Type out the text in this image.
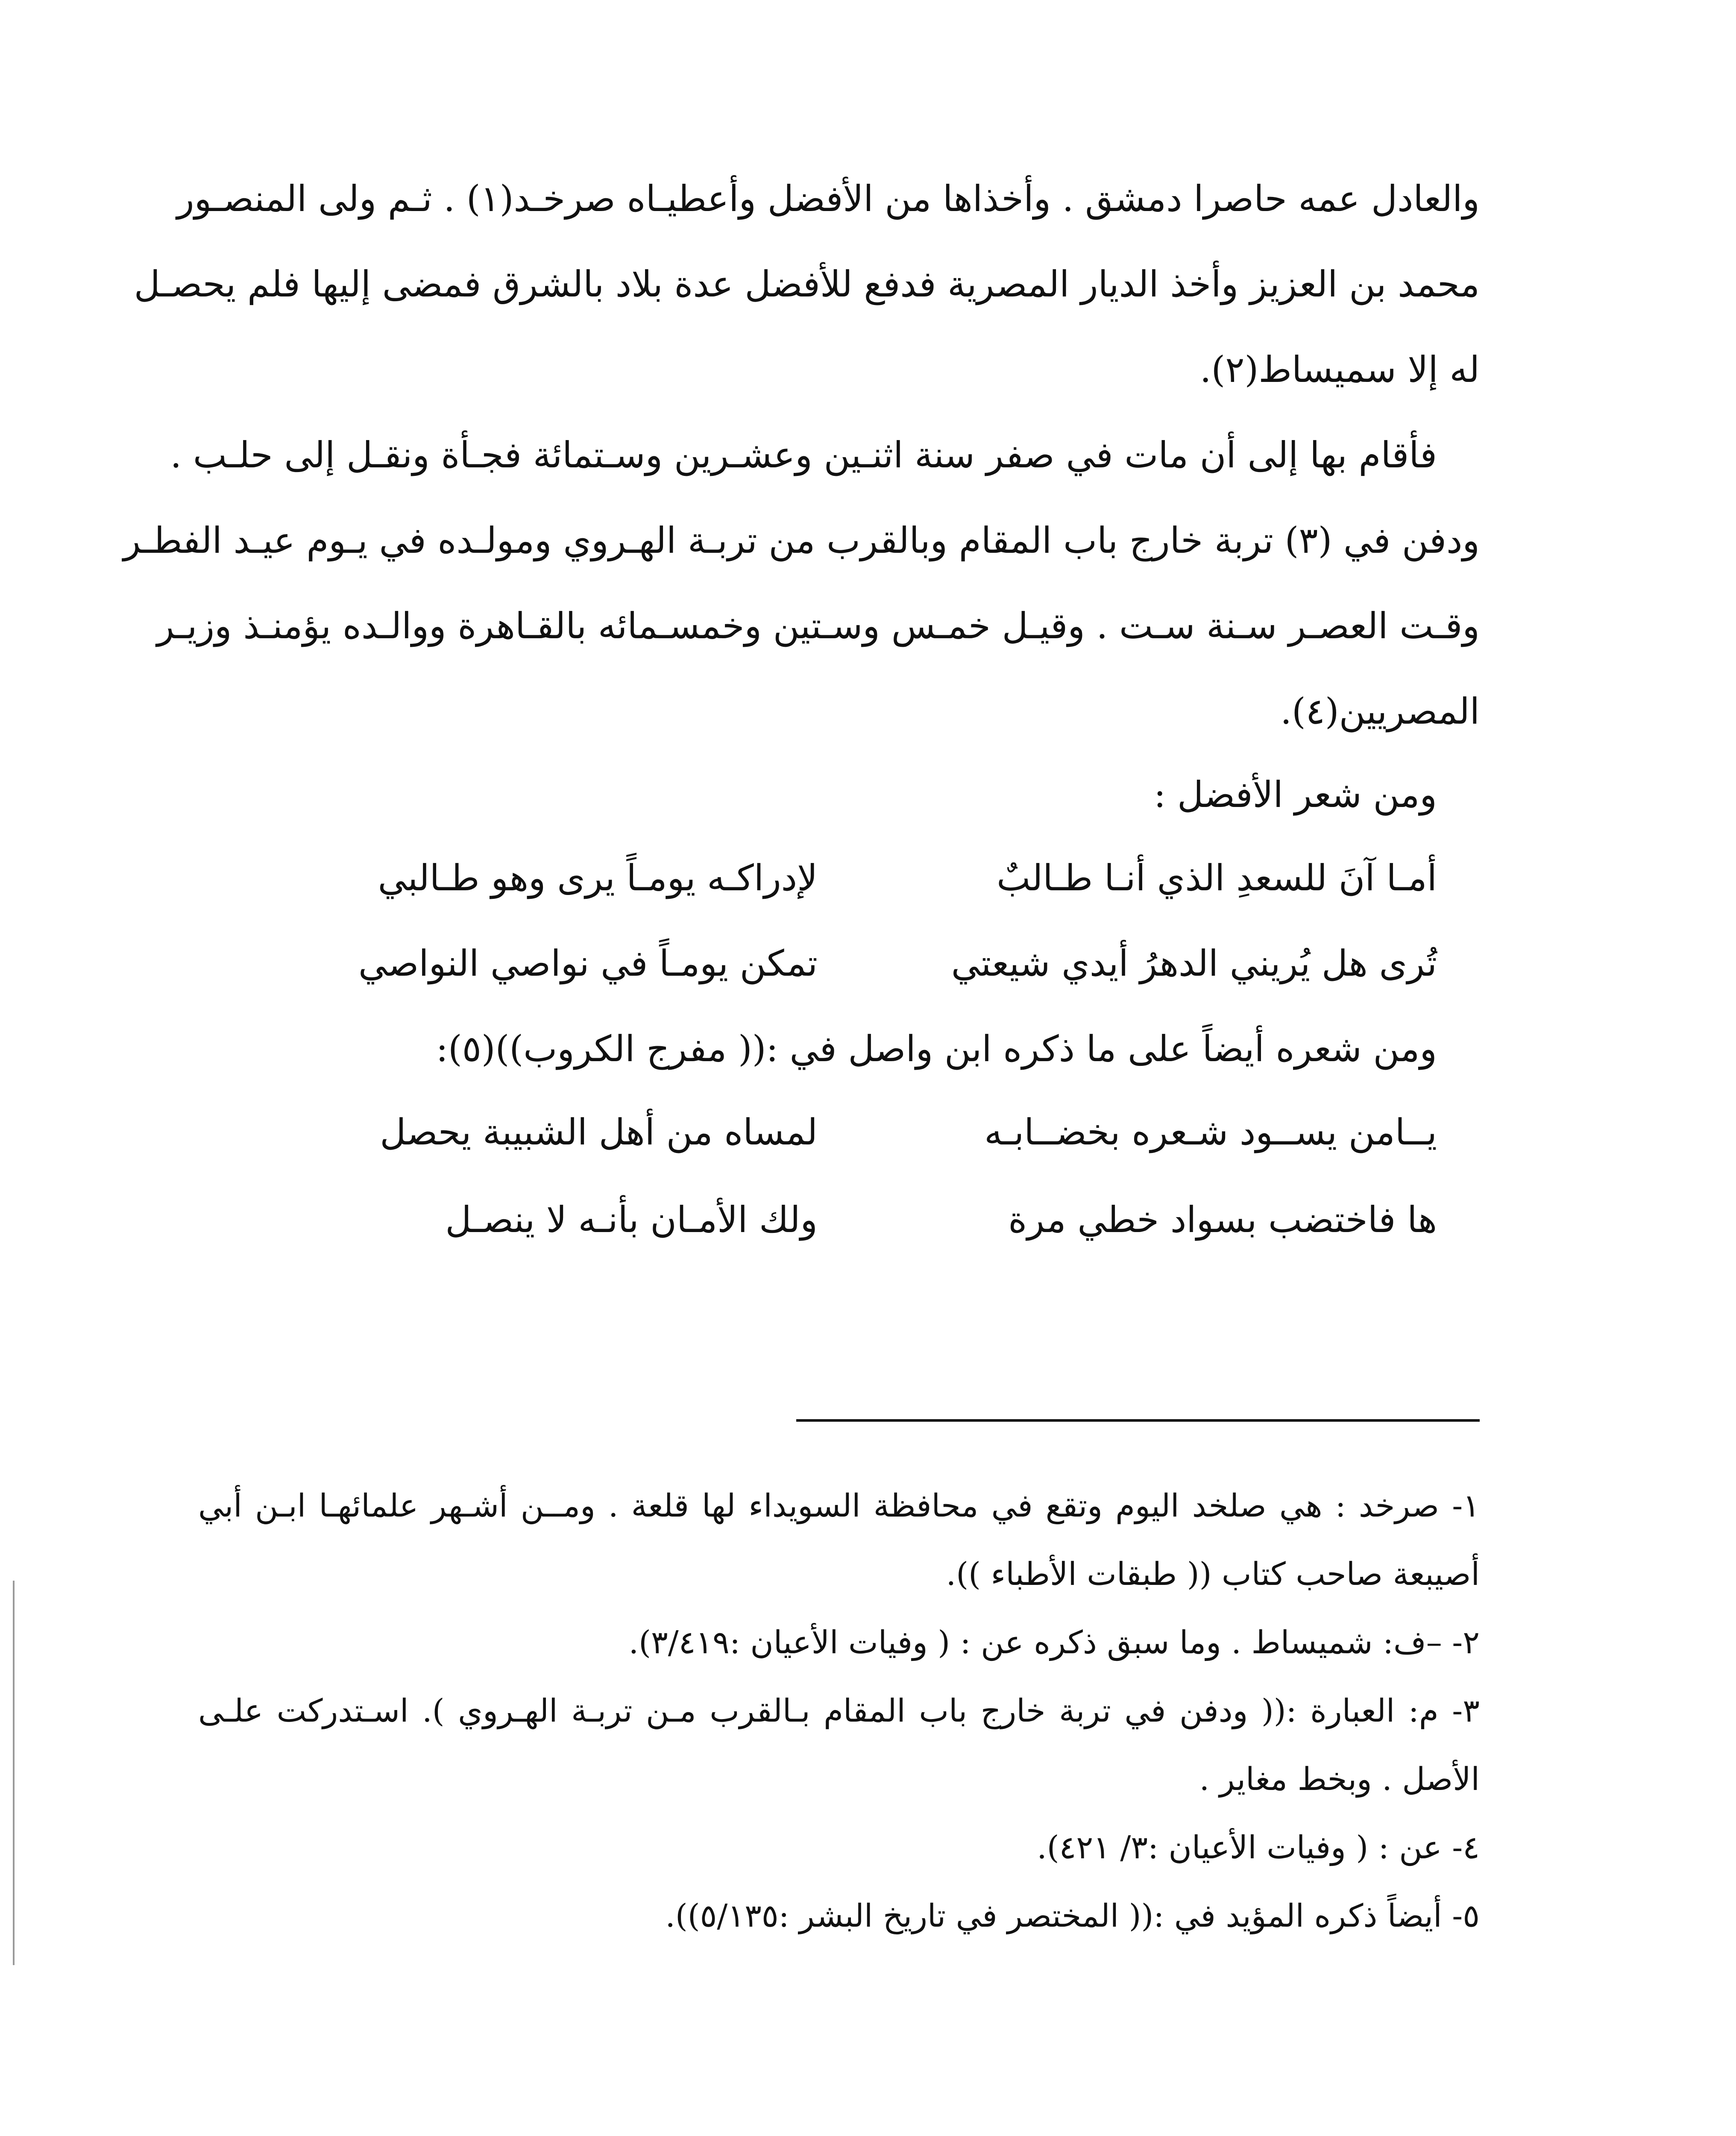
والعادل عمه حاصرا دمشق . وأخذاها من الأفضل وأعطيـاه صرخـد(١) . ثـم ولى المنصـور
محمد بن العزيز وأخذ الديار المصرية فدفع للأفضل عدة بلاد بالشرق فمضى إليها فلم يحصـل
له إلا سميساط(٢).
فأقام بها إلى أن مات في صفر سنة اثنـين وعشـرين وسـتمائة فجـأة ونقـل إلى حلـب .
ودفن في (٣) تربة خارج باب المقام وبالقرب من تربـة الهـروي ومولـده في يـوم عيـد الفطـر
وقـت العصـر سـنة سـت . وقيـل خمـس وسـتين وخمسـمائه بالقـاهرة ووالـده يؤمنـذ وزيـر
المصريين(٤).
ومن شعر الأفضل :
أمـا آنَ للسعدِ الذي أنـا طـالبٌ
لإدراكـه يومـاً يرى وهو طـالبي
تُرى هل يُريني الدهرُ أيدي شيعتي
تمكن يومـاً في نواصي النواصي
ومن شعره أيضاً على ما ذكره ابن واصل في :(( مفرج الكروب))(٥):
يــامن يســود شـعره بخضــابـه
لمساه من أهل الشبيبة يحصل
ها فاختضب بسواد خطي مرة
ولك الأمـان بأنـه لا ينصـل
١- صرخد : هي صلخد اليوم وتقع في محافظة السويداء لها قلعة . ومــن أشـهر علمائهـا ابـن أبي
أصيبعة صاحب كتاب (( طبقات الأطباء )).
٢- –ف: شميساط . وما سبق ذكره عن : ( وفيات الأعيان :٣/٤١٩).
٣- م: العبارة :(( ودفن في تربة خارج باب المقام بـالقرب مـن تربـة الهـروي ). اسـتدركت علـى
الأصل . وبخط مغاير .
٤- عن : ( وفيات الأعيان :٣/ ٤٢١).
٥- أيضاً ذكره المؤيد في :(( المختصر في تاريخ البشر :٥/١٣٥)).
